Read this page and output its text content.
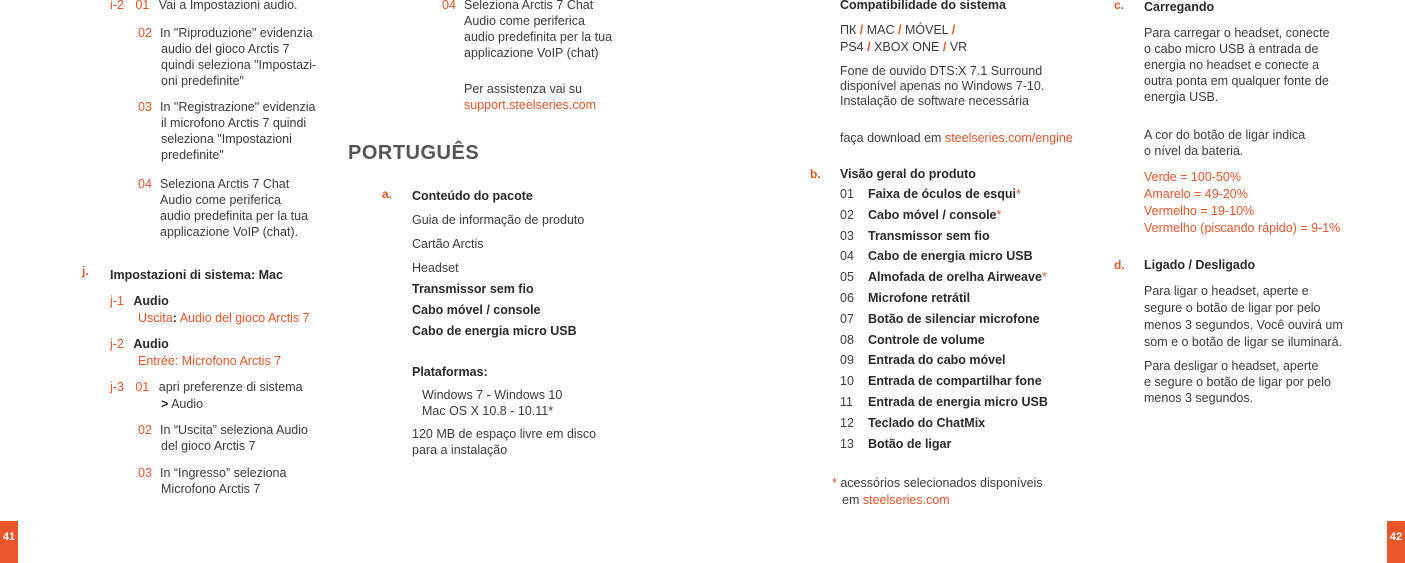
i-2 01 Vai a Impostazioni audio.
02 In "Riproduzione" evidenzia
audio del gioco Arctis 7
quindi seleziona "Impostazi-
oni predefinite"
03 In "Registrazione" evidenzia
il microfono Arctis 7 quindi
seleziona "Impostazioni
predefinite"
04 Seleziona Arctis 7 Chat
Audio come periferica
audio predefinita per la tua
applicazione VoIP (chat).
j. Impostazioni di sistema: Mac
j-1 Audio
Uscita: Audio del gioco Arctis 7
j-2 Audio
Entrée: Microfono Arctis 7
j-3 01 apri preferenze di sistema
> Audio
02 In “Uscita” seleziona Audio
del gioco Arctis 7
03 In “Ingresso” seleziona
Microfono Arctis 7
04 Seleziona Arctis 7 Chat
Audio come periferica
audio predefinita per la tua
applicazione VoIP (chat)
Per assistenza vai su
support.steelseries.com
PORTUGUÊS
a. Conteúdo do pacote
Guia de informação de produto
Cartão Arctis
Headset
Transmissor sem fio
Cabo móvel / console
Cabo de energia micro USB
Plataformas:
Windows 7 - Windows 10
Mac OS X 10.8 - 10.11*
120 MB de espaço livre em disco
para a instalação
41
Compatibilidade do sistema
ПК / MAC / MÓVEL /
PS4 / XBOX ONE / VR
Fone de ouvido DTS:X 7.1 Surround
disponível apenas no Windows 7-10.
Instalação de software necessária
faça download em steelseries.com/engine
b. Visão geral do produto
01 Faixa de óculos de esqui*
02 Cabo móvel / console*
03 Transmissor sem fio
04 Cabo de energia micro USB
05 Almofada de orelha Airweave*
06 Microfone retrátil
07 Botão de silenciar microfone
08 Controle de volume
09 Entrada do cabo móvel
10 Entrada de compartilhar fone
11 Entrada de energia micro USB
12 Teclado do ChatMix
13 Botão de ligar
* acessórios selecionados disponíveis
em steelseries.com
c. Carregando
Para carregar o headset, conecte
o cabo micro USB à entrada de
energia no headset e conecte a
outra ponta em qualquer fonte de
energia USB.
A cor do botão de ligar indica
o nível da bateria.
Verde = 100-50%
Amarelo = 49-20%
Vermelho = 19-10%
Vermelho (piscando rápido) = 9-1%
d. Ligado / Desligado
Para ligar o headset, aperte e
segure o botão de ligar por pelo
menos 3 segundos. Você ouvirá um
som e o botão de ligar se iluminará.
Para desligar o headset, aperte
e segure o botão de ligar por pelo
menos 3 segundos.
42
